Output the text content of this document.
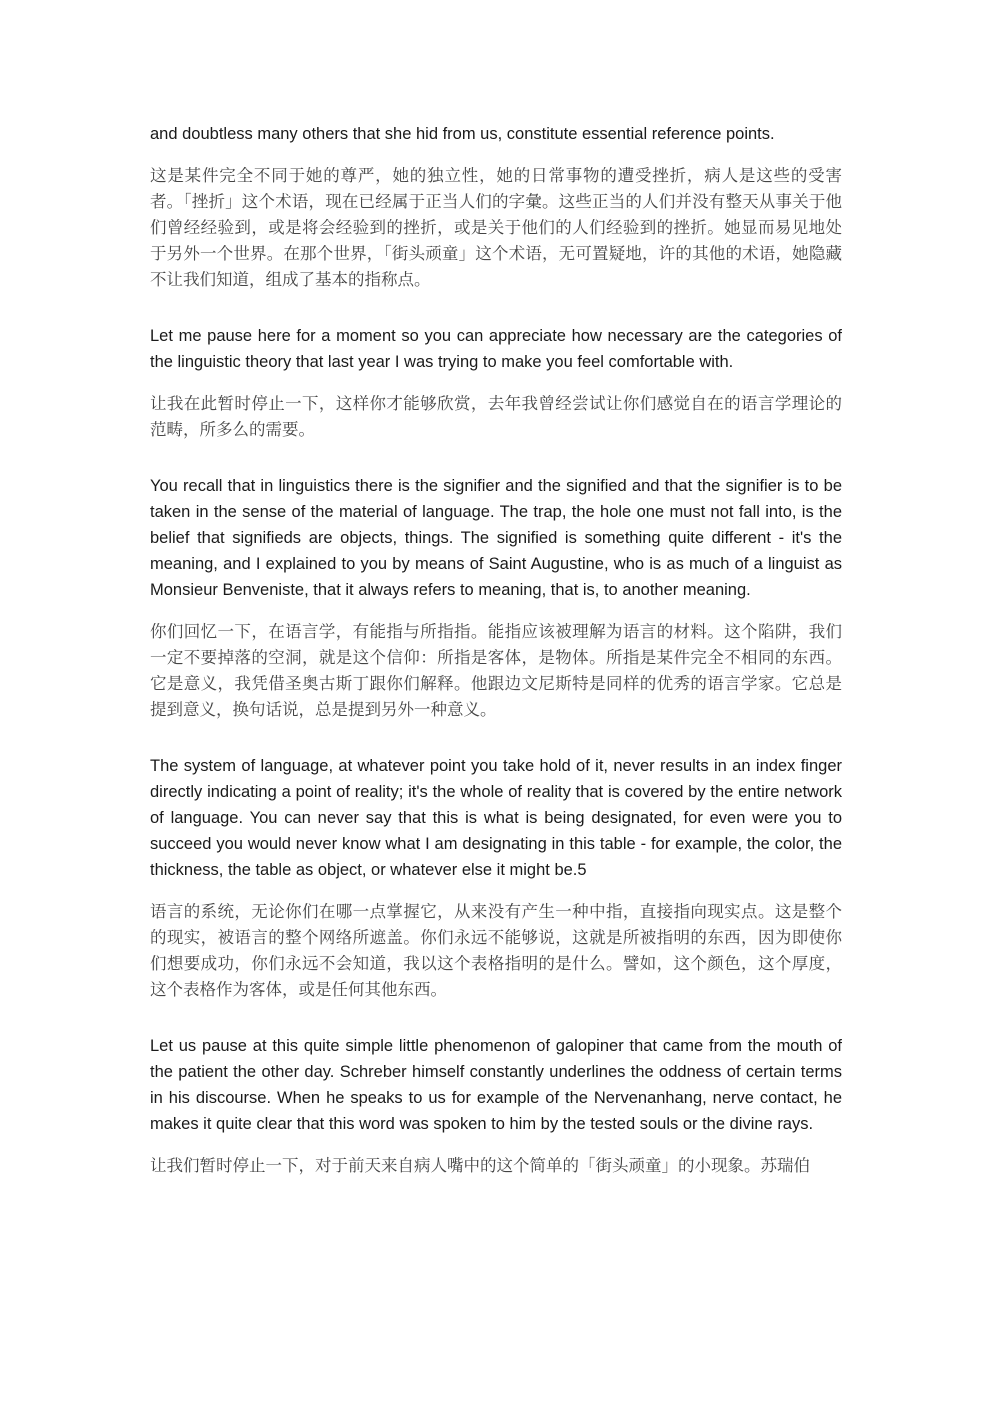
and doubtless many others that she hid from us, constitute essential reference points.

这是某件完全不同于她的尊严，她的独立性，她的日常事物的遭受挫折，病人是这些的受害者。「挫折」这个术语，现在已经属于正当人们的字彙。这些正当的人们并没有整天从事关于他们曾经经验到，或是将会经验到的挫折，或是关于他们的人们经验到的挫折。她显而易见地处于另外一个世界。在那个世界，「街头顽童」这个术语，无可置疑地，许的其他的术语，她隐藏不让我们知道，组成了基本的指称点。

Let me pause here for a moment so you can appreciate how necessary are the categories of the linguistic theory that last year I was trying to make you feel comfortable with.

让我在此暂时停止一下，这样你才能够欣赏，去年我曾经尝试让你们感觉自在的语言学理论的范畴，所多么的需要。

You recall that in linguistics there is the signifier and the signified and that the signifier is to be taken in the sense of the material of language. The trap, the hole one must not fall into, is the belief that signifieds are objects, things. The signified is something quite different - it's the meaning, and I explained to you by means of Saint Augustine, who is as much of a linguist as Monsieur Benveniste, that it always refers to meaning, that is, to another meaning.

你们回忆一下，在语言学，有能指与所指指。能指应该被理解为语言的材料。这个陷阱，我们一定不要掉落的空洞，就是这个信仰：所指是客体，是物体。所指是某件完全不相同的东西。它是意义，我凭借圣奥古斯丁跟你们解释。他跟边文尼斯特是同样的优秀的语言学家。它总是提到意义，换句话说，总是提到另外一种意义。

The system of language, at whatever point you take hold of it, never results in an index finger directly indicating a point of reality; it's the whole of reality that is covered by the entire network of language. You can never say that this is what is being designated, for even were you to succeed you would never know what I am designating in this table - for example, the color, the thickness, the table as object, or whatever else it might be.5

语言的系统，无论你们在哪一点掌握它，从来没有产生一种中指，直接指向现实点。这是整个的现实，被语言的整个网络所遮盖。你们永远不能够说，这就是所被指明的东西，因为即使你们想要成功，你们永远不会知道，我以这个表格指明的是什么。譬如，这个颜色，这个厚度，这个表格作为客体，或是任何其他东西。

Let us pause at this quite simple little phenomenon of galopiner that came from the mouth of the patient the other day. Schreber himself constantly underlines the oddness of certain terms in his discourse. When he speaks to us for example of the Nervenanhang, nerve contact, he makes it quite clear that this word was spoken to him by the tested souls or the divine rays.

让我们暂时停止一下，对于前天来自病人嘴中的这个简单的「街头顽童」的小现象。苏瑞伯
